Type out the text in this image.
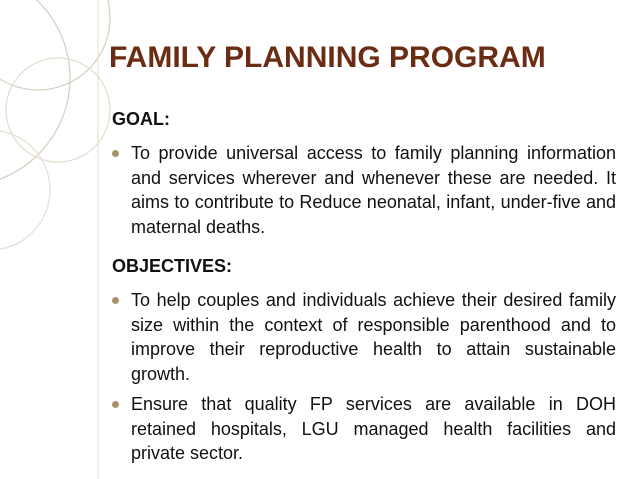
FAMILY PLANNING PROGRAM
GOAL:
To provide universal access to family planning information and services wherever and whenever these are needed. It aims to contribute to Reduce neonatal, infant, under-five and maternal deaths.
OBJECTIVES:
To help couples and individuals achieve their desired family size within the context of responsible parenthood and to improve their reproductive health to attain sustainable growth.
Ensure that quality FP services are available in DOH retained hospitals, LGU managed health facilities and private sector.
